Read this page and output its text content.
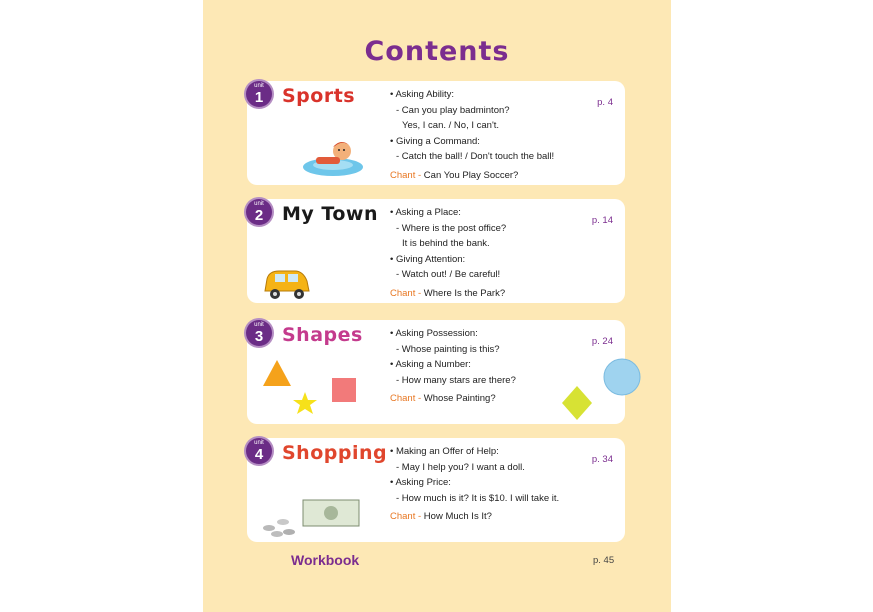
Contents
unit
1 Sports	• Asking Ability:
- Can you play badminton?
Yes, I can. / No, I can't.
• Giving a Command:
- Catch the ball! / Don't touch the ball!
Chant - Can You Play Soccer?
p. 4
unit
2 My Town • Asking a Place:
- Where is the post office?
It is behind the bank.
• Giving Attention:
- Watch out! / Be careful!
Chant - Where Is the Park?
p. 14
unit
3 Shapes	• Asking Possession:
- Whose painting is this?
• Asking a Number:
- How many stars are there?
Chant - Whose Painting?
p. 24
unit
4 Shopping • Making an Offer of Help:
- May I help you? I want a doll.
• Asking Price:
- How much is it? It is $10. I will take it.
Chant - How Much Is It?
p. 34
Workbook	p. 45
